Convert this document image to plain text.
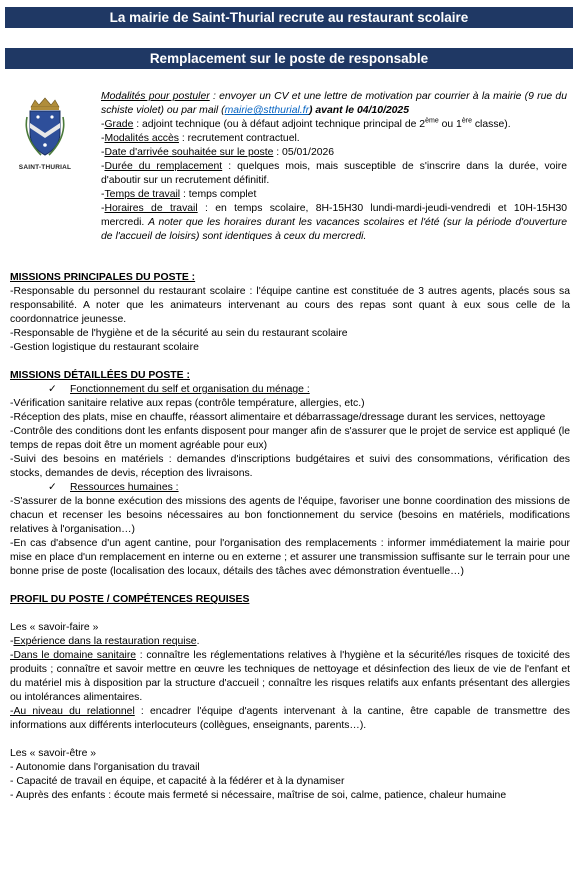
La mairie de Saint-Thurial recrute au restaurant scolaire
Remplacement sur le poste de responsable
SAINT-THURIAL

Modalités pour postuler : envoyer un CV et une lettre de motivation par courrier à la mairie (9 rue du schiste violet) ou par mail (mairie@stthurial.fr) avant le 04/10/2025

-Grade : adjoint technique (ou à défaut adjoint technique principal de 2ème ou 1ère classe).

-Modalités accès : recrutement contractuel.

-Date d'arrivée souhaitée sur le poste : 05/01/2026

-Durée du remplacement : quelques mois, mais susceptible de s'inscrire dans la durée, voire d'aboutir sur un recrutement définitif.

-Temps de travail : temps complet

-Horaires de travail : en temps scolaire, 8H-15H30 lundi-mardi-jeudi-vendredi et 10H-15H30 mercredi. A noter que les horaires durant les vacances scolaires et l'été (sur la période d'ouverture de l'accueil de loisirs) sont identiques à ceux du mercredi.

MISSIONS PRINCIPALES DU POSTE :

-Responsable du personnel du restaurant scolaire : l'équipe cantine est constituée de 3 autres agents, placés sous sa responsabilité. A noter que les animateurs intervenant au cours des repas sont quant à eux sous celle de la coordonnatrice jeunesse.

-Responsable de l'hygiène et de la sécurité au sein du restaurant scolaire

-Gestion logistique du restaurant scolaire

MISSIONS DÉTAILLÉES DU POSTE :

✓ Fonctionnement du self et organisation du ménage :

-Vérification sanitaire relative aux repas (contrôle température, allergies, etc.)

-Réception des plats, mise en chauffe, réassort alimentaire et débarrassage/dressage durant les services, nettoyage

-Contrôle des conditions dont les enfants disposent pour manger afin de s'assurer que le projet de service est appliqué (le temps de repas doit être un moment agréable pour eux)

-Suivi des besoins en matériels : demandes d'inscriptions budgétaires et suivi des consommations, vérification des stocks, demandes de devis, réception des livraisons.

✓ Ressources humaines :

-S'assurer de la bonne exécution des missions des agents de l'équipe, favoriser une bonne coordination des missions de chacun et recenser les besoins nécessaires au bon fonctionnement du service (besoins en matériels, modifications relatives à l'organisation…)

-En cas d'absence d'un agent cantine, pour l'organisation des remplacements : informer immédiatement la mairie pour mise en place d'un remplacement en interne ou en externe ; et assurer une transmission suffisante sur le terrain pour une bonne prise de poste (localisation des locaux, détails des tâches avec démonstration éventuelle…)

PROFIL DU POSTE / COMPÉTENCES REQUISES

Les « savoir-faire »

-Expérience dans la restauration requise.

-Dans le domaine sanitaire : connaître les réglementations relatives à l'hygiène et la sécurité/les risques de toxicité des produits ; connaître et savoir mettre en œuvre les techniques de nettoyage et désinfection des lieux de vie de l'enfant et du matériel mis à disposition par la structure d'accueil ; connaître les risques relatifs aux enfants présentant des allergies ou intolérances alimentaires.

-Au niveau du relationnel : encadrer l'équipe d'agents intervenant à la cantine, être capable de transmettre des informations aux différents interlocuteurs (collègues, enseignants, parents…).

Les « savoir-être »

- Autonomie dans l'organisation du travail

- Capacité de travail en équipe, et capacité à la fédérer et à la dynamiser

- Auprès des enfants : écoute mais fermeté si nécessaire, maîtrise de soi, calme, patience, chaleur humaine
